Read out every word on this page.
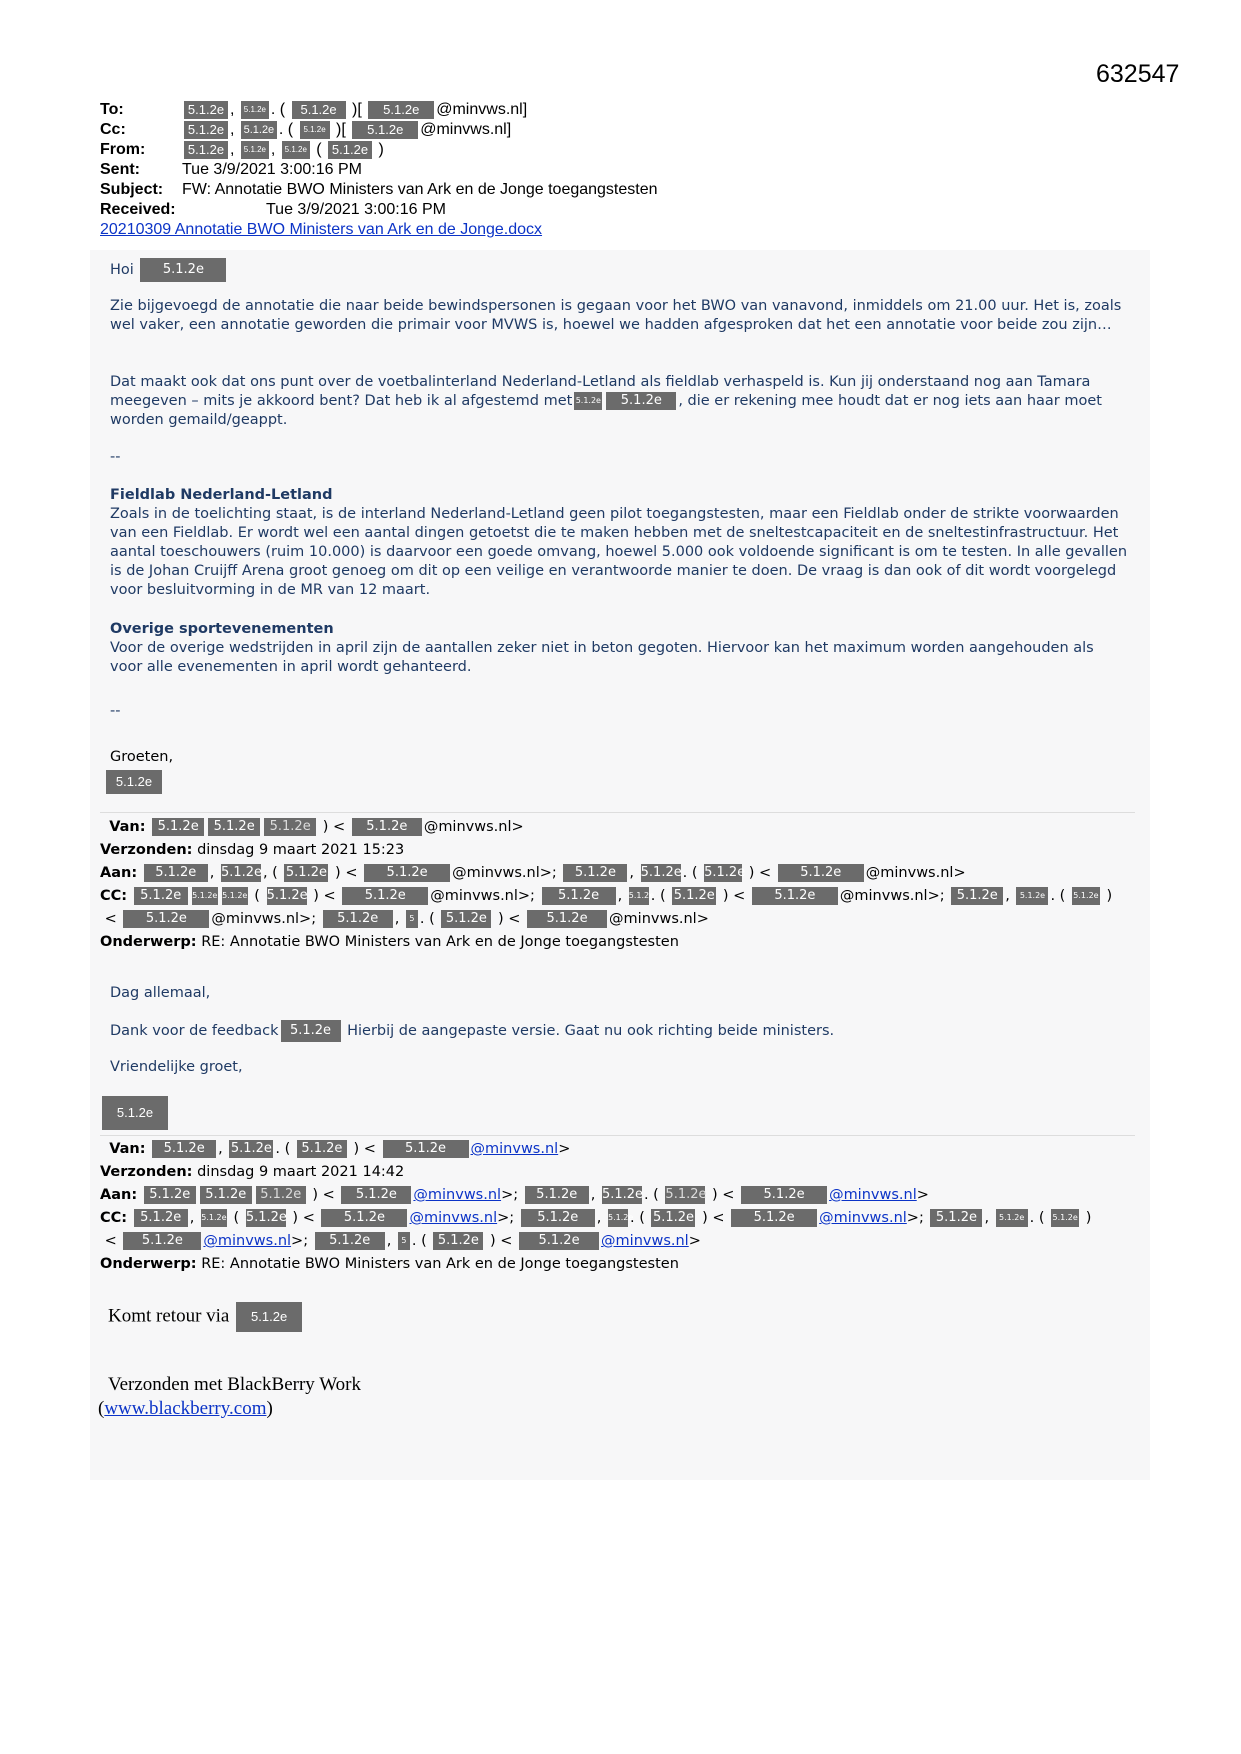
632547
To:	5.1.2e , 5.1.2e . ( 5.1.2e )[ 5.1.2e @minvws.nl]
Cc:	5.1.2e , 5.1.2e . ( 5.1.2e )[ 5.1.2e @minvws.nl]
From:	5.1.2e , 5.1.2e , 5.1.2e ( 5.1.2e )
Sent:	Tue 3/9/2021 3:00:16 PM
Subject: FW: Annotatie BWO Ministers van Ark en de Jonge toegangstesten
Received:	Tue 3/9/2021 3:00:16 PM
20210309 Annotatie BWO Ministers van Ark en de Jonge.docx
Hoi 5.1.2e
Zie bijgevoegd de annotatie die naar beide bewindspersonen is gegaan voor het BWO van vanavond, inmiddels om 21.00 uur. Het is, zoals wel vaker, een annotatie geworden die primair voor MVWS is, hoewel we hadden afgesproken dat het een annotatie voor beide zou zijn…
Dat maakt ook dat ons punt over de voetbalinterland Nederland-Letland als fieldlab verhaspeld is. Kun jij onderstaand nog aan Tamara meegeven – mits je akkoord bent? Dat heb ik al afgestemd met 5.1.2e 5.1.2e , die er rekening mee houdt dat er nog iets aan haar moet worden gemaild/geappt.
--
Fieldlab Nederland-Letland
Zoals in de toelichting staat, is de interland Nederland-Letland geen pilot toegangstesten, maar een Fieldlab onder de strikte voorwaarden van een Fieldlab. Er wordt wel een aantal dingen getoetst die te maken hebben met de sneltestcapaciteit en de sneltestinfrastructuur. Het aantal toeschouwers (ruim 10.000) is daarvoor een goede omvang, hoewel 5.000 ook voldoende significant is om te testen. In alle gevallen is de Johan Cruijff Arena groot genoeg om dit op een veilige en verantwoorde manier te doen. De vraag is dan ook of dit wordt voorgelegd voor besluitvorming in de MR van 12 maart.
Overige sportevenementen
Voor de overige wedstrijden in april zijn de aantallen zeker niet in beton gegoten. Hiervoor kan het maximum worden aangehouden als voor alle evenementen in april wordt gehanteerd.
--
Groeten,
5.1.2e
Van: 5.1.2e 5.1.2e 5.1.2e ) < 5.1.2e @minvws.nl>
Verzonden: dinsdag 9 maart 2021 15:23
Aan: 5.1.2e , 5.1.2e, ( 5.1.2e ) < 5.1.2e @minvws.nl>; 5.1.2e , 5.1.2e. ( 5.1.2e ) < 5.1.2e @minvws.nl>
CC: 5.1.2e 5.1.2e 5.1.2e ( 5.1.2e ) < 5.1.2e @minvws.nl>; 5.1.2e , 5.1.2e. ( 5.1.2e ) < 5.1.2e @minvws.nl>; 5.1.2e , 5.1.2e . ( 5.1.2e )
< 5.1.2e @minvws.nl>; 5.1.2e , 5 . ( 5.1.2e ) < 5.1.2e @minvws.nl>
Onderwerp: RE: Annotatie BWO Ministers van Ark en de Jonge toegangstesten
Dag allemaal,
Dank voor de feedback 5.1.2e Hierbij de aangepaste versie. Gaat nu ook richting beide ministers.
Vriendelijke groet,
5.1.2e
Van: 5.1.2e , 5.1.2e . ( 5.1.2e ) < 5.1.2e @minvws.nl>
Verzonden: dinsdag 9 maart 2021 14:42
Aan: 5.1.2e 5.1.2e 5.1.2e ) < 5.1.2e @minvws.nl>; 5.1.2e , 5.1.2e. ( 5.1.2e ) < 5.1.2e @minvws.nl>
CC: 5.1.2e , 5.1.2e ( 5.1.2e ) < 5.1.2e @minvws.nl>; 5.1.2e , 5.1.2e. ( 5.1.2e ) < 5.1.2e @minvws.nl>; 5.1.2e , 5.1.2e . ( 5.1.2e )
< 5.1.2e @minvws.nl>; 5.1.2e , 5 . ( 5.1.2e ) < 5.1.2e @minvws.nl>
Onderwerp: RE: Annotatie BWO Ministers van Ark en de Jonge toegangstesten
Komt retour via 5.1.2e
Verzonden met BlackBerry Work
(www.blackberry.com)
